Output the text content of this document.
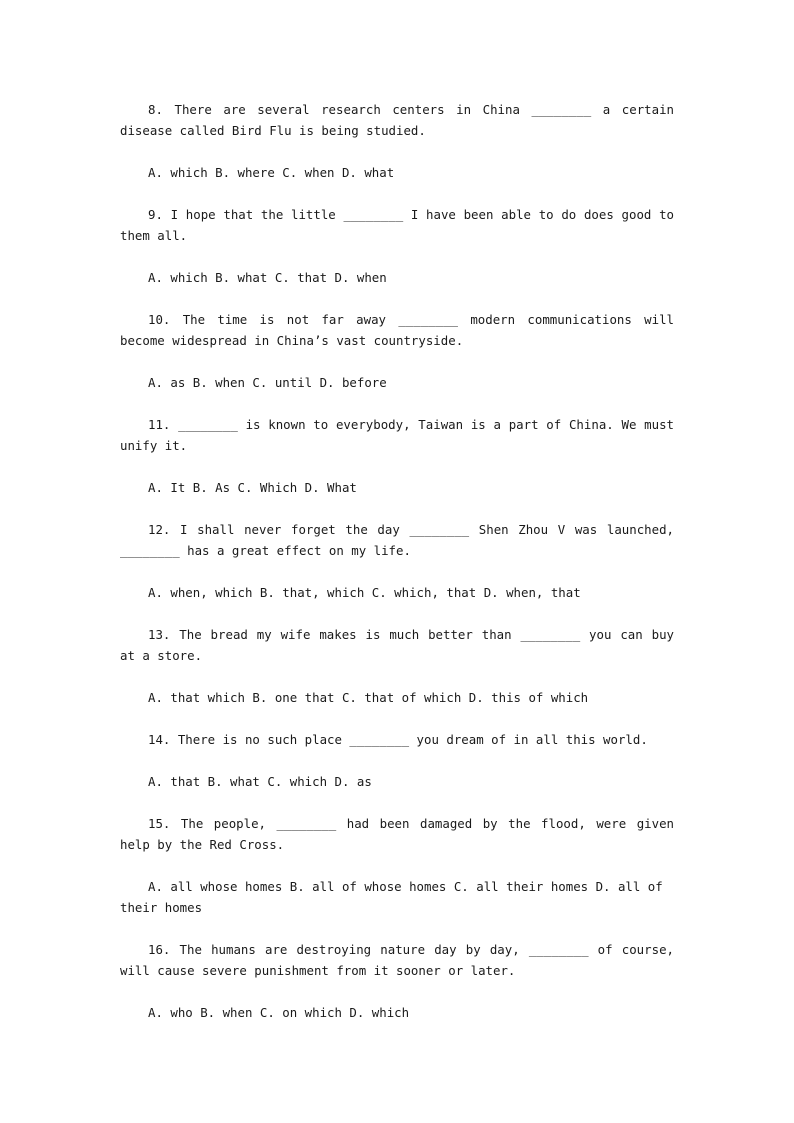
8. There are several research centers in China ________ a certain disease called Bird Flu is being studied.

A. which B. where C. when D. what

9. I hope that the little ________ I have been able to do does good to them all.

A. which B. what C. that D. when

10. The time is not far away ________ modern communications will become widespread in China’s vast countryside.

A. as B. when C. until D. before

11. ________ is known to everybody, Taiwan is a part of China. We must unify it.

A. It B. As C. Which D. What

12. I shall never forget the day ________ Shen Zhou V was launched, ________ has a great effect on my life.

A. when, which B. that, which C. which, that D. when, that

13. The bread my wife makes is much better than ________ you can buy at a store.

A. that which B. one that C. that of which D. this of which

14. There is no such place ________ you dream of in all this world.

A. that B. what C. which D. as

15. The people, ________ had been damaged by the flood, were given help by the Red Cross.

A. all whose homes B. all of whose homes C. all their homes D. all of their homes

16. The humans are destroying nature day by day, ________ of course, will cause severe punishment from it sooner or later.

A. who B. when C. on which D. which
